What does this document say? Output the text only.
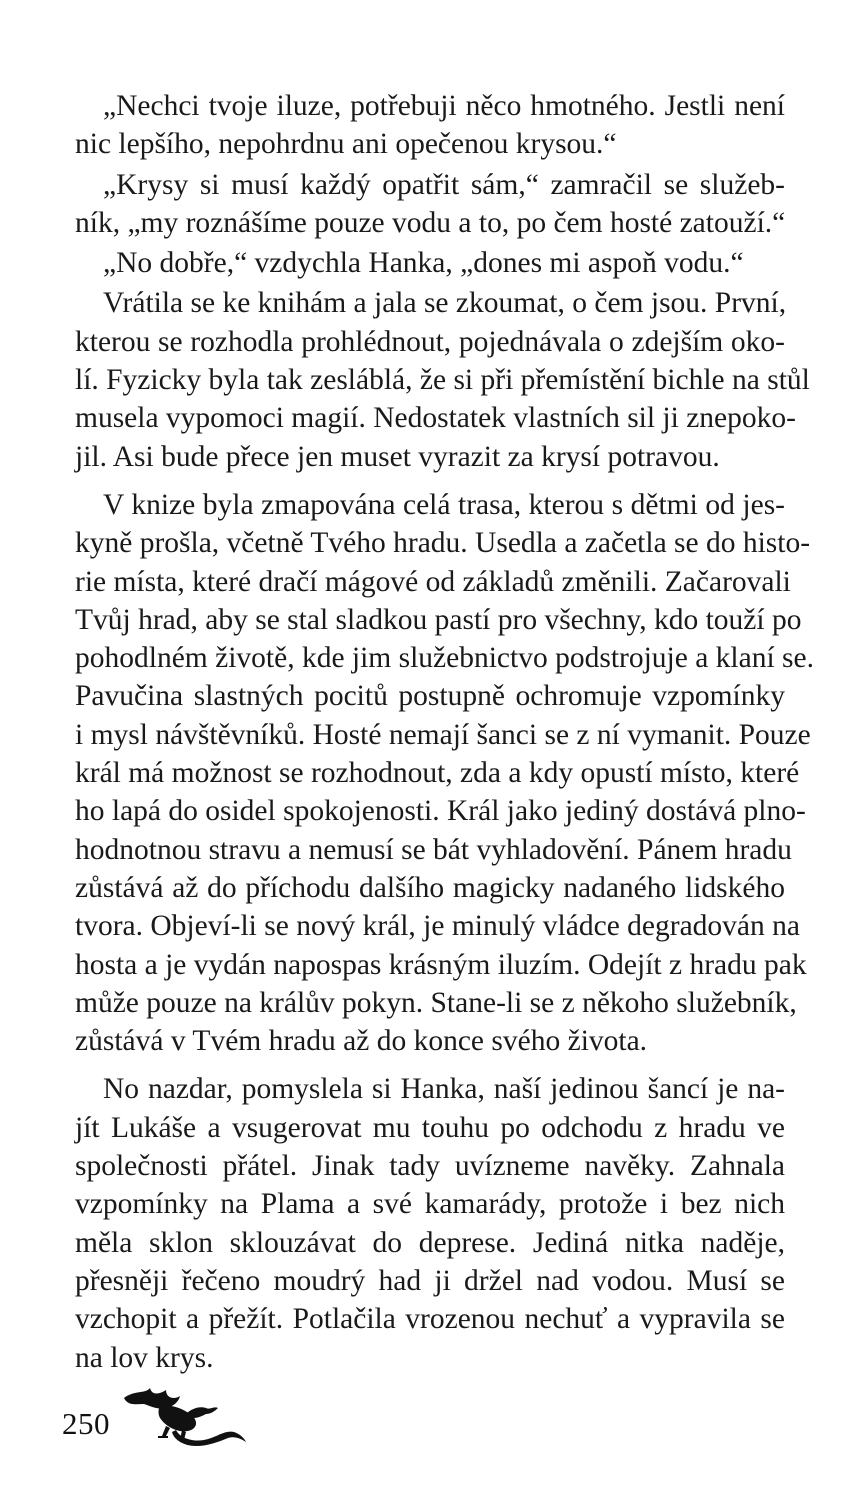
„Nechci tvoje iluze, potřebuji něco hmotného. Jestli není
nic lepšího, nepohrdnu ani opečenou krysou.“
„Krysy si musí každý opatřit sám,“ zamračil se služeb-
ník, „my roznášíme pouze vodu a to, po čem hosté zatouží.“
„No dobře,“ vzdychla Hanka, „dones mi aspoň vodu.“
Vrátila se ke knihám a jala se zkoumat, o čem jsou. První,
kterou se rozhodla prohlédnout, pojednávala o zdejším oko-
lí. Fyzicky byla tak zesláblá, že si při přemístění bichle na stůl
musela vypomoci magií. Nedostatek vlastních sil ji znepoko-
jil. Asi bude přece jen muset vyrazit za krysí potravou.
V knize byla zmapována celá trasa, kterou s dětmi od jes-
kyně prošla, včetně Tvého hradu. Usedla a začetla se do histo-
rie místa, které dračí mágové od základů změnili. Začarovali
Tvůj hrad, aby se stal sladkou pastí pro všechny, kdo touží po
pohodlném životě, kde jim služebnictvo podstrojuje a klaní se.
Pavučina slastných pocitů postupně ochromuje vzpomínky
i mysl návštěvníků. Hosté nemají šanci se z ní vymanit. Pouze
král má možnost se rozhodnout, zda a kdy opustí místo, které
ho lapá do osidel spokojenosti. Král jako jediný dostává plno-
hodnotnou stravu a nemusí se bát vyhladovění. Pánem hradu
zůstává až do příchodu dalšího magicky nadaného lidského
tvora. Objeví-li se nový král, je minulý vládce degradován na
hosta a je vydán napospas krásným iluzím. Odejít z hradu pak
může pouze na králův pokyn. Stane-li se z někoho služebník,
zůstává v Tvém hradu až do konce svého života.
No nazdar, pomyslela si Hanka, naší jedinou šancí je na-
jít Lukáše a vsugerovat mu touhu po odchodu z hradu ve
společnosti přátel. Jinak tady uvízneme navěky. Zahnala
vzpomínky na Plama a své kamarády, protože i bez nich
měla sklon sklouzávat do deprese. Jediná nitka naděje,
přesněji řečeno moudrý had ji držel nad vodou. Musí se
vzchopit a přežít. Potlačila vrozenou nechuť a vypravila se
na lov krys.
250
